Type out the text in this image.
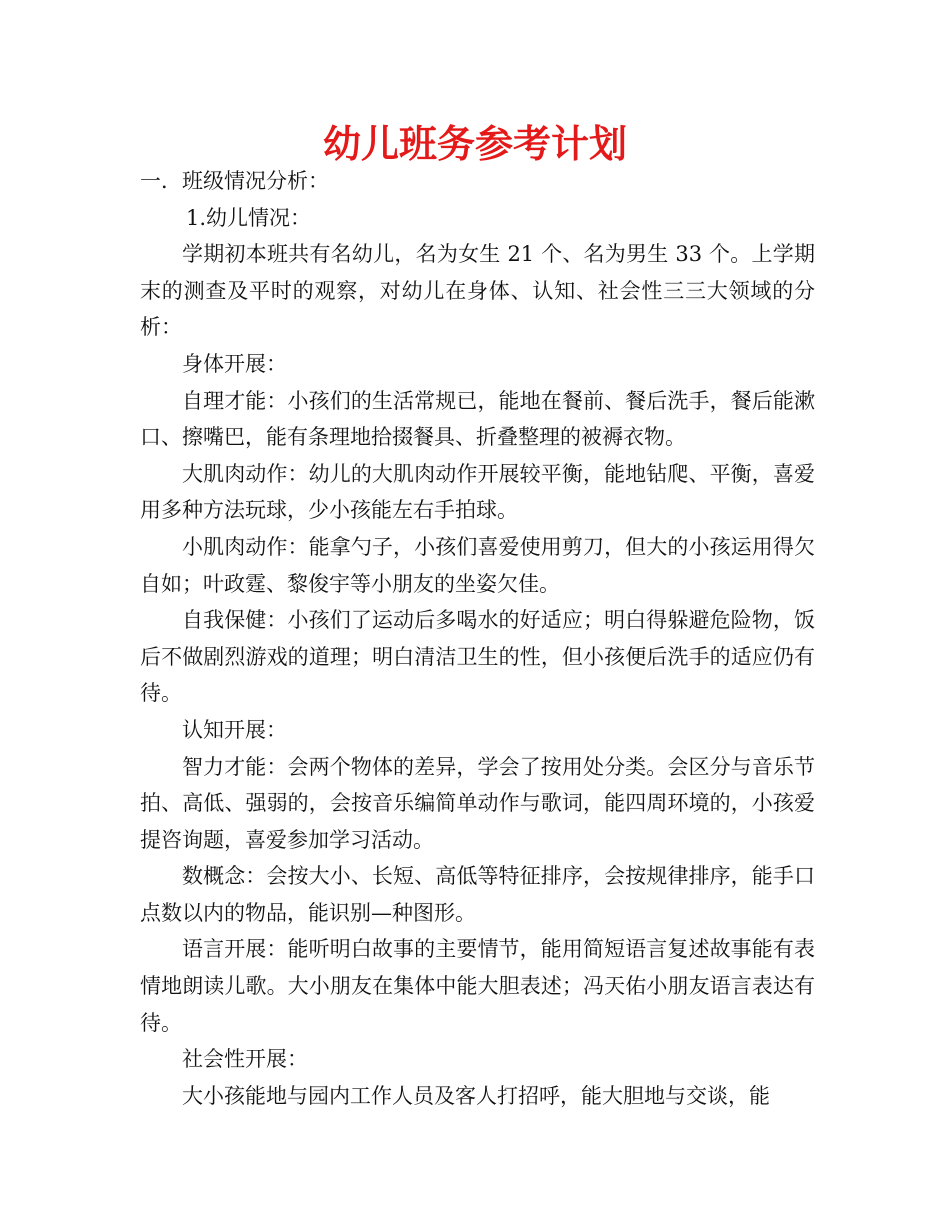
幼儿班务参考计划

一．班级情况分析：

1.幼儿情况：

学期初本班共有名幼儿，名为女生 21 个、名为男生 33 个。上学期末的测查及平时的观察，对幼儿在身体、认知、社会性三三大领域的分析：

身体开展：

自理才能：小孩们的生活常规已，能地在餐前、餐后洗手，餐后能漱口、擦嘴巴，能有条理地拾掇餐具、折叠整理的被褥衣物。

大肌肉动作：幼儿的大肌肉动作开展较平衡，能地钻爬、平衡，喜爱用多种方法玩球，少小孩能左右手拍球。

小肌肉动作：能拿勺子，小孩们喜爱使用剪刀，但大的小孩运用得欠自如；叶政霆、黎俊宇等小朋友的坐姿欠佳。

自我保健：小孩们了运动后多喝水的好适应；明白得躲避危险物，饭后不做剧烈游戏的道理；明白清洁卫生的性，但小孩便后洗手的适应仍有待。

认知开展：

智力才能：会两个物体的差异，学会了按用处分类。会区分与音乐节拍、高低、强弱的，会按音乐编简单动作与歌词，能四周环境的，小孩爱提咨询题，喜爱参加学习活动。

数概念：会按大小、长短、高低等特征排序，会按规律排序，能手口点数以内的物品，能识别—种图形。

语言开展：能听明白故事的主要情节，能用简短语言复述故事能有表情地朗读儿歌。大小朋友在集体中能大胆表述；冯天佑小朋友语言表达有待。

社会性开展：

大小孩能地与园内工作人员及客人打招呼，能大胆地与交谈，能
